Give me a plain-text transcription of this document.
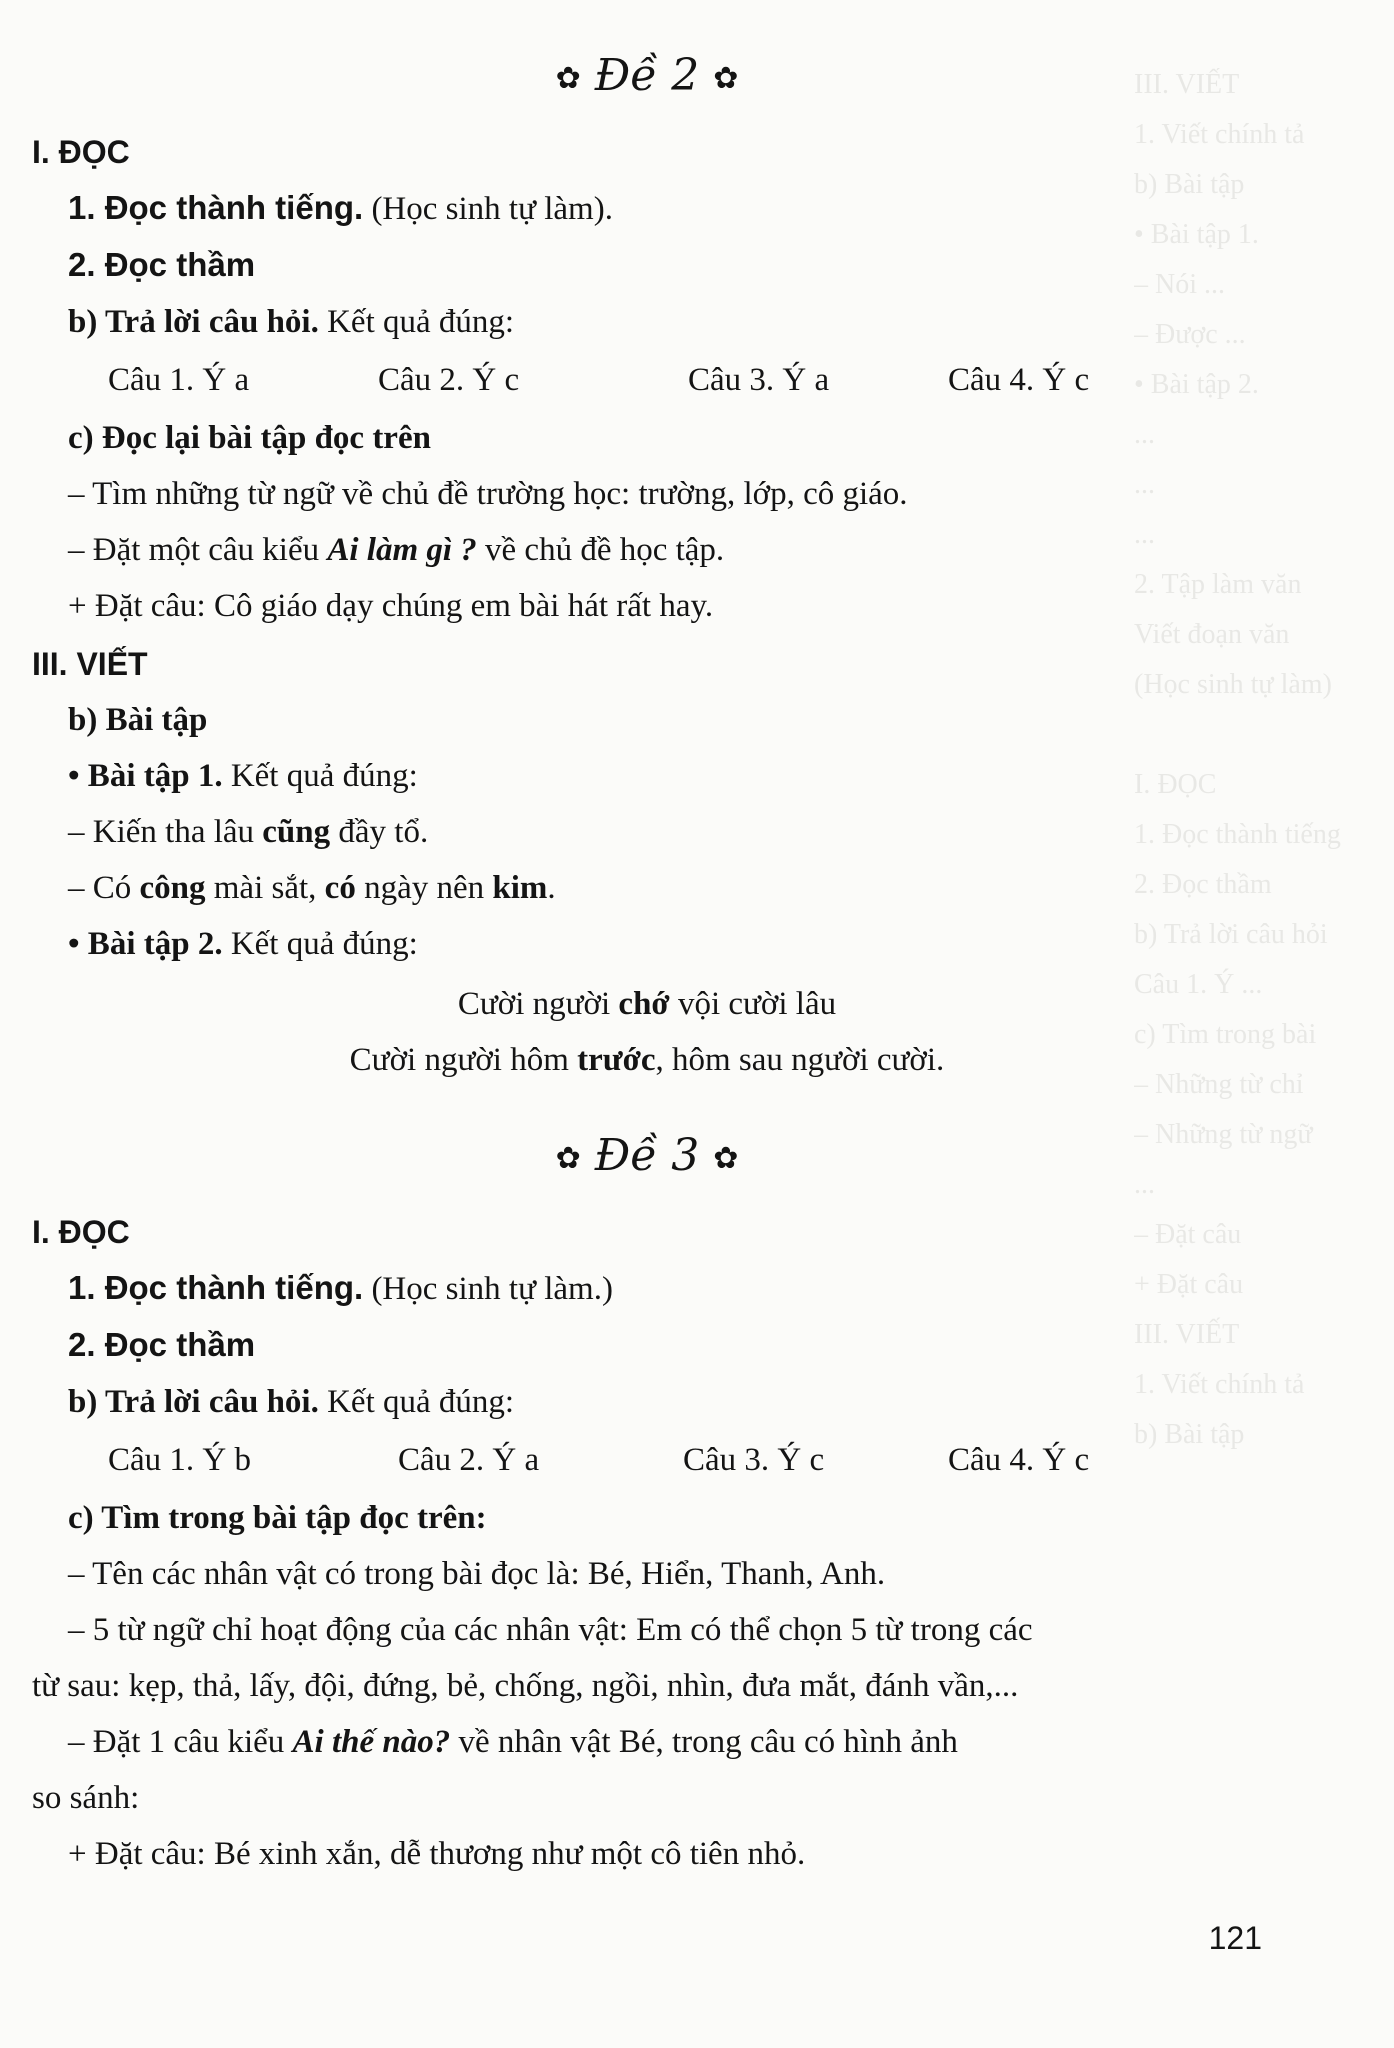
III. VIẾT
1. Viết chính tả
b) Bài tập
• Bài tập 1.
– Nói ...
– Được ...
• Bài tập 2.
...
...
...
2. Tập làm văn
Viết đoạn văn
(Học sinh tự làm)

I. ĐỌC
1. Đọc thành tiếng
2. Đọc thầm
b) Trả lời câu hỏi
Câu 1. Ý ...
c) Tìm trong bài
– Những từ chỉ
– Những từ ngữ
...
– Đặt câu
+ Đặt câu
III. VIẾT
1. Viết chính tả
b) Bài tập
✿ Đề 2 ✿
I. ĐỌC
1. Đọc thành tiếng. (Học sinh tự làm).
2. Đọc thầm
b) Trả lời câu hỏi. Kết quả đúng:
Câu 1. Ý a	Câu 2. Ý c	Câu 3. Ý a	Câu 4. Ý c
c) Đọc lại bài tập đọc trên
– Tìm những từ ngữ về chủ đề trường học: trường, lớp, cô giáo.
– Đặt một câu kiểu Ai làm gì ? về chủ đề học tập.
+ Đặt câu: Cô giáo dạy chúng em bài hát rất hay.
III. VIẾT
b) Bài tập
• Bài tập 1. Kết quả đúng:
– Kiến tha lâu cũng đầy tổ.
– Có công mài sắt, có ngày nên kim.
• Bài tập 2. Kết quả đúng:
Cười người chớ vội cười lâu
Cười người hôm trước, hôm sau người cười.
✿ Đề 3 ✿
I. ĐỌC
1. Đọc thành tiếng. (Học sinh tự làm.)
2. Đọc thầm
b) Trả lời câu hỏi. Kết quả đúng:
Câu 1. Ý b	Câu 2. Ý a	Câu 3. Ý c	Câu 4. Ý c
c) Tìm trong bài tập đọc trên:
– Tên các nhân vật có trong bài đọc là: Bé, Hiển, Thanh, Anh.
– 5 từ ngữ chỉ hoạt động của các nhân vật: Em có thể chọn 5 từ trong các
từ sau: kẹp, thả, lấy, đội, đứng, bẻ, chống, ngồi, nhìn, đưa mắt, đánh vần,...
– Đặt 1 câu kiểu Ai thế nào? về nhân vật Bé, trong câu có hình ảnh
so sánh:
+ Đặt câu: Bé xinh xắn, dễ thương như một cô tiên nhỏ.
121
